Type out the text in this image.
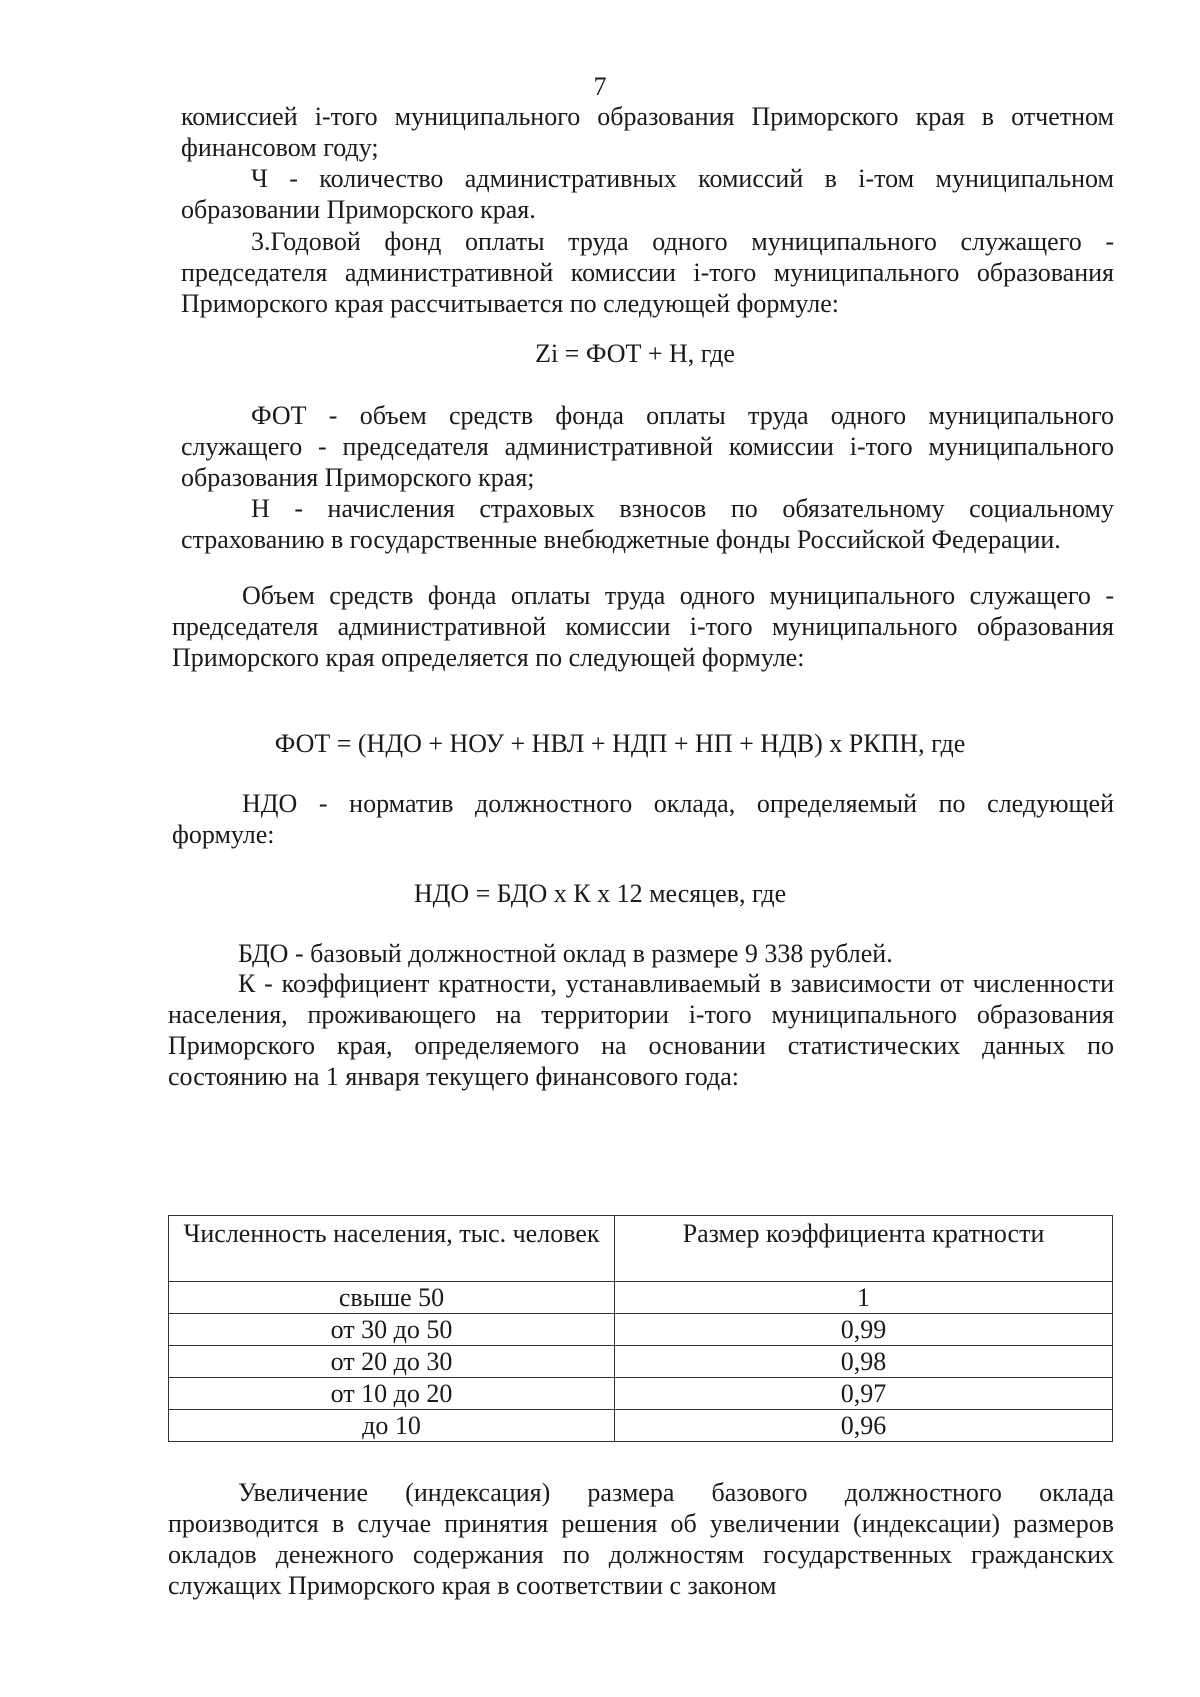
7
комиссией i-того муниципального образования Приморского края в отчетном финансовом году;
Ч - количество административных комиссий в i-том муниципальном образовании Приморского края.
3.Годовой фонд оплаты труда одного муниципального служащего - председателя административной комиссии i-того муниципального образования Приморского края рассчитывается по следующей формуле:
Zi = ФОТ + Н, где
ФОТ - объем средств фонда оплаты труда одного муниципального служащего - председателя административной комиссии i-того муниципального образования Приморского края;
Н - начисления страховых взносов по обязательному социальному страхованию в государственные внебюджетные фонды Российской Федерации.
Объем средств фонда оплаты труда одного муниципального служащего - председателя административной комиссии i-того муниципального образования Приморского края определяется по следующей формуле:
ФОТ = (НДО + НОУ + НВЛ + НДП + НП + НДВ) х РКПН, где
НДО - норматив должностного оклада, определяемый по следующей формуле:
НДО = БДО х К х 12 месяцев, где
БДО - базовый должностной оклад в размере 9 338 рублей.
К - коэффициент кратности, устанавливаемый в зависимости от численности населения, проживающего на территории i-того муниципального образования Приморского края, определяемого на основании статистических данных по состоянию на 1 января текущего финансового года:
Численность населения, тыс. человек	Размер коэффициента кратности
свыше 50	1
от 30 до 50	0,99
от 20 до 30	0,98
от 10 до 20	0,97
до 10	0,96
Увеличение (индексация) размера базового должностного оклада производится в случае принятия решения об увеличении (индексации) размеров окладов денежного содержания по должностям государственных гражданских служащих Приморского края в соответствии с законом
